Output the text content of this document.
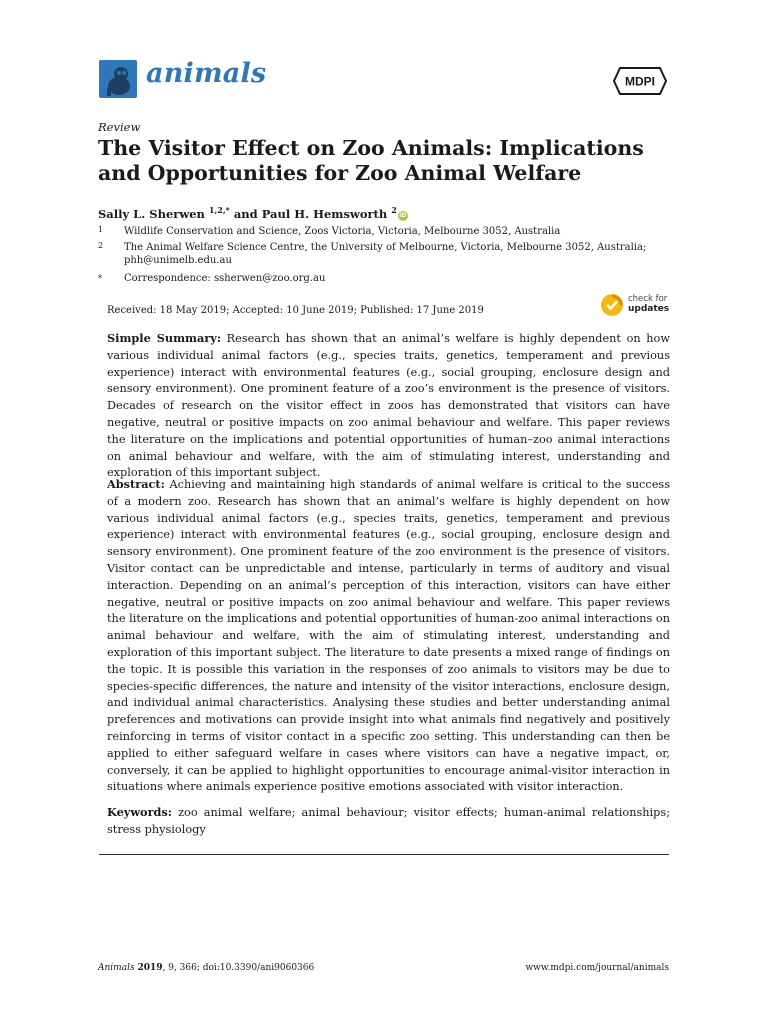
animals	MDPI
Review
The Visitor Effect on Zoo Animals: Implications and Opportunities for Zoo Animal Welfare
Sally L. Sherwen $^{1,2,*}$ and Paul H. Hemsworth $^2$iD
1 Wildlife Conservation and Science, Zoos Victoria, Victoria, Melbourne 3052, Australia
2 The Animal Welfare Science Centre, the University of Melbourne, Victoria, Melbourne 3052, Australia; phh@unimelb.edu.au
* Correspondence: ssherwen@zoo.org.au
Received: 18 May 2019; Accepted: 10 June 2019; Published: 17 June 2019
check for
updates
Simple Summary: Research has shown that an animal’s welfare is highly dependent on how various individual animal factors (e.g., species traits, genetics, temperament and previous experience) interact with environmental features (e.g., social grouping, enclosure design and sensory environment). One prominent feature of a zoo’s environment is the presence of visitors. Decades of research on the visitor effect in zoos has demonstrated that visitors can have negative, neutral or positive impacts on zoo animal behaviour and welfare. This paper reviews the literature on the implications and potential opportunities of human–zoo animal interactions on animal behaviour and welfare, with the aim of stimulating interest, understanding and exploration of this important subject.
Abstract: Achieving and maintaining high standards of animal welfare is critical to the success of a modern zoo. Research has shown that an animal’s welfare is highly dependent on how various individual animal factors (e.g., species traits, genetics, temperament and previous experience) interact with environmental features (e.g., social grouping, enclosure design and sensory environment). One prominent feature of the zoo environment is the presence of visitors. Visitor contact can be unpredictable and intense, particularly in terms of auditory and visual interaction. Depending on an animal’s perception of this interaction, visitors can have either negative, neutral or positive impacts on zoo animal behaviour and welfare. This paper reviews the literature on the implications and potential opportunities of human-zoo animal interactions on animal behaviour and welfare, with the aim of stimulating interest, understanding and exploration of this important subject. The literature to date presents a mixed range of findings on the topic. It is possible this variation in the responses of zoo animals to visitors may be due to species-specific differences, the nature and intensity of the visitor interactions, enclosure design, and individual animal characteristics. Analysing these studies and better understanding animal preferences and motivations can provide insight into what animals find negatively and positively reinforcing in terms of visitor contact in a specific zoo setting. This understanding can then be applied to either safeguard welfare in cases where visitors can have a negative impact, or, conversely, it can be applied to highlight opportunities to encourage animal-visitor interaction in situations where animals experience positive emotions associated with visitor interaction.
Keywords: zoo animal welfare; animal behaviour; visitor effects; human-animal relationships; stress physiology
Animals 2019, 9, 366; doi:10.3390/ani9060366	www.mdpi.com/journal/animals
